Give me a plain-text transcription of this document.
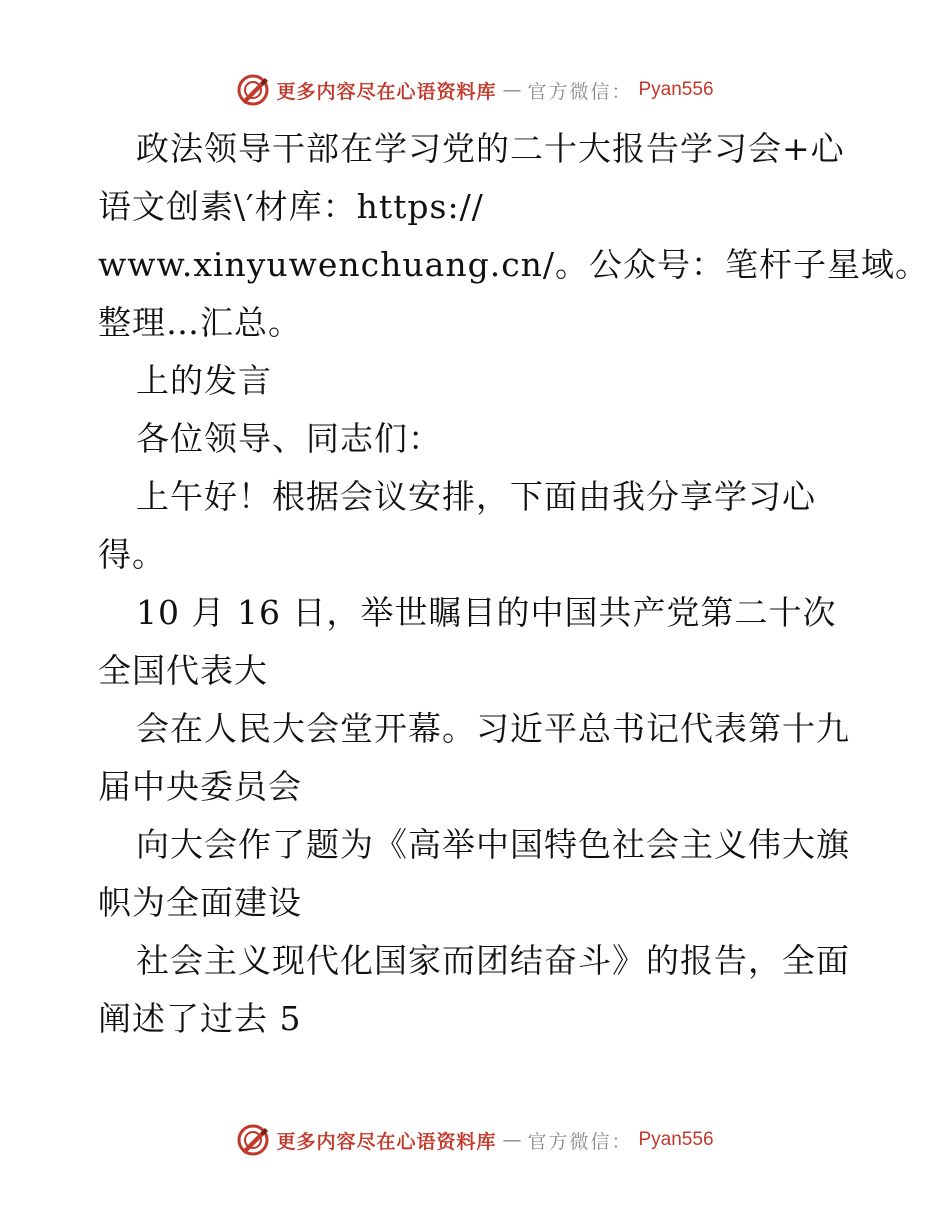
更多内容尽在心语资料库 — 官方微信： Pyan556
政法领导干部在学习党的二十大报告学习会+心
语文创素\′材库：https://
www.xinyuwenchuang.cn/。公众号：笔杆子星域。
整理…汇总。
上的发言
各位领导、同志们：
上午好！根据会议安排，下面由我分享学习心
得。
10 月 16 日，举世瞩目的中国共产党第二十次
全国代表大
会在人民大会堂开幕。习近平总书记代表第十九
届中央委员会
向大会作了题为《高举中国特色社会主义伟大旗
帜为全面建设
社会主义现代化国家而团结奋斗》的报告，全面
阐述了过去 5
更多内容尽在心语资料库 — 官方微信： Pyan556
